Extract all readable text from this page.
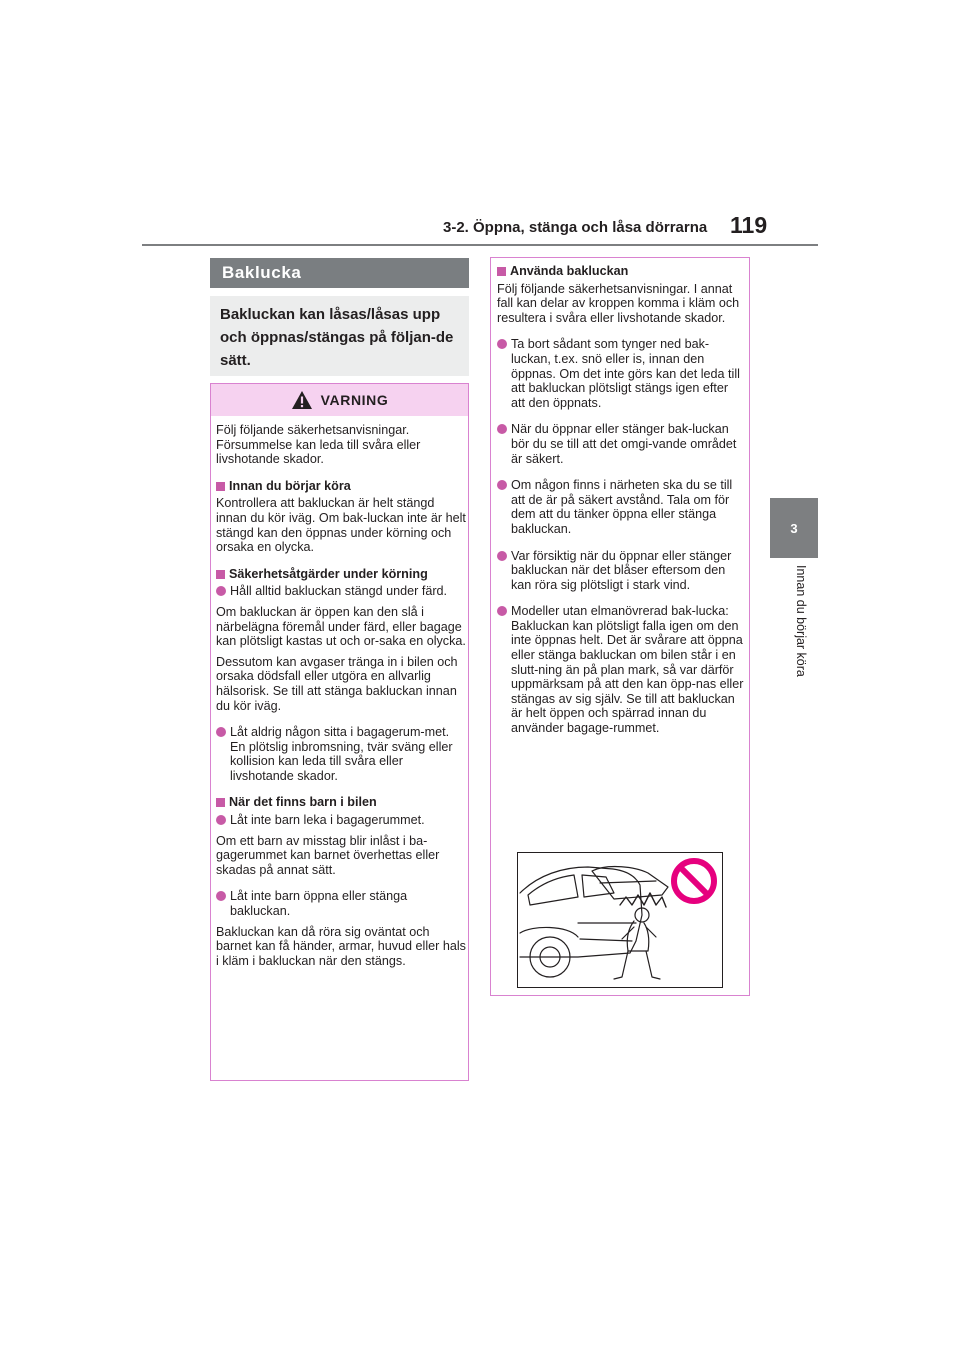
3-2. Öppna, stänga och låsa dörrarna 119
3
Innan du börjar köra
Baklucka
Bakluckan kan låsas/låsas upp och öppnas/stängas på följan-de sätt.
VARNING

Följ följande säkerhetsanvisningar. Försummelse kan leda till svåra eller livshotande skador.

Innan du börjar köra

Kontrollera att bakluckan är helt stängd innan du kör iväg. Om bak-luckan inte är helt stängd kan den öppnas under körning och orsaka en olycka.

Säkerhetsåtgärder under körning
Håll alltid bakluckan stängd under färd.

Om bakluckan är öppen kan den slå i närbelägna föremål under färd, eller bagage kan plötsligt kastas ut och or-saka en olycka.

Dessutom kan avgaser tränga in i bilen och orsaka dödsfall eller utgöra en allvarlig hälsorisk. Se till att stänga bakluckan innan du kör iväg.

Låt aldrig någon sitta i bagagerum-met. En plötslig inbromsning, tvär sväng eller kollision kan leda till svåra eller livshotande skador.
När det finns barn i bilen
Låt inte barn leka i bagagerummet.

Om ett barn av misstag blir inlåst i ba-gagerummet kan barnet överhettas eller skadas på annat sätt.

Låt inte barn öppna eller stänga bakluckan.

Bakluckan kan då röra sig oväntat och barnet kan få händer, armar, huvud eller hals i kläm i bakluckan när den stängs.

Använda bakluckan

Följ följande säkerhetsanvisningar. I annat fall kan delar av kroppen komma i kläm och resultera i svåra eller livshotande skador.

Ta bort sådant som tynger ned bak-luckan, t.ex. snö eller is, innan den öppnas. Om det inte görs kan det leda till att bakluckan plötsligt stängs igen efter att den öppnats.
När du öppnar eller stänger bak-luckan bör du se till att det omgi-vande området är säkert.
Om någon finns i närheten ska du se till att de är på säkert avstånd. Tala om för dem att du tänker öppna eller stänga bakluckan.
Var försiktig när du öppnar eller stänger bakluckan när det blåser eftersom den kan röra sig plötsligt i stark vind.
Modeller utan elmanövrerad bak-lucka: Bakluckan kan plötsligt falla igen om den inte öppnas helt. Det är svårare att öppna eller stänga bakluckan om bilen står i en slutt-ning än på plan mark, så var därför uppmärksam på att den kan öpp-nas eller stängas av sig själv. Se till att bakluckan är helt öppen och spärrad innan du använder bagage-rummet.
